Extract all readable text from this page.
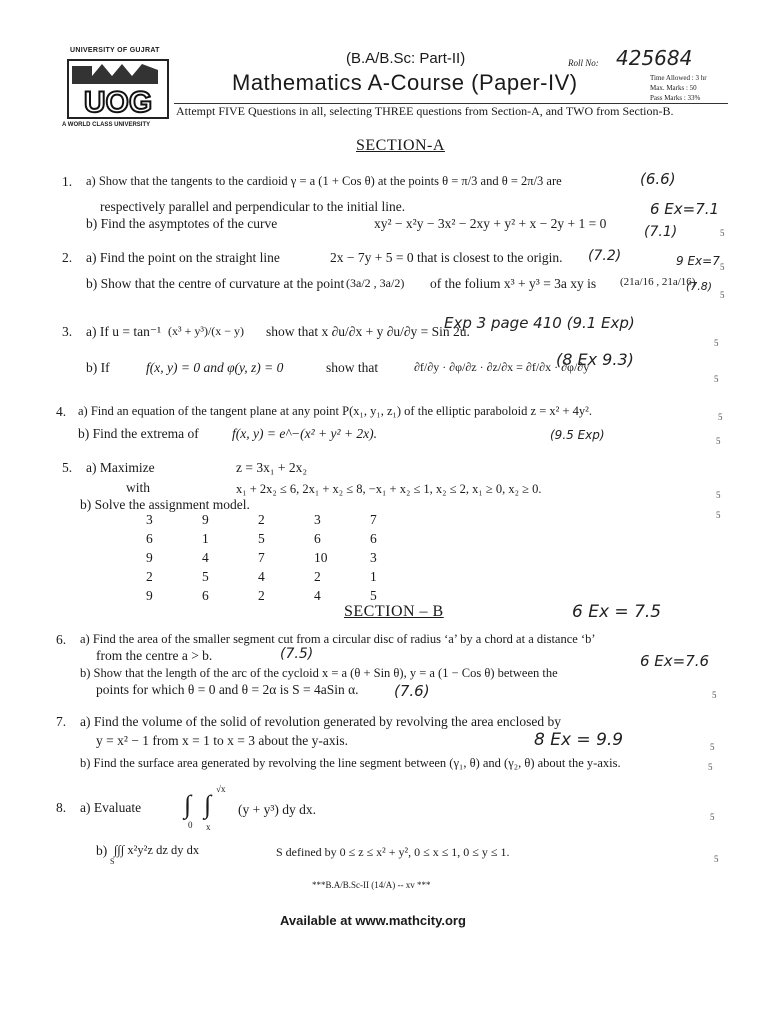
UNIVERSITY OF GUJRAT
UOG
A WORLD CLASS UNIVERSITY
(B.A/B.Sc: Part-II)
Mathematics A-Course (Paper-IV)
Roll No: 425684
Time Allowed : 3 hr
Max. Marks : 50
Pass Marks : 33%
Attempt FIVE Questions in all, selecting THREE questions from Section-A, and TWO from Section-B.
SECTION-A
1. a) Show that the tangents to the cardioid γ = a (1 + Cos θ) at the points θ = π/3 and θ = 2π/3 are	(6.6)
respectively parallel and perpendicular to the initial line.
b) Find the asymptotes of the curve	xy² − x²y − 3x² − 2xy + y² + x − 2y + 1 = 0
6 Ex=7.1
(7.1)
2. a) Find the point on the straight line	2x − 7y + 5 = 0 that is closest to the origin. (7.2)	9 Ex=7
b) Show that the centre of curvature at the point (3a/2 , 3a/2) of the folium x³ + y³ = 3a xy is (21a/16 , 21a/16)
(7.8)
3. a) If u = tan⁻¹ (x³ + y³)/(x − y) show that x ∂u/∂x + y ∂u/∂y = Sin 2u.
Exp 3 page 410 (9.1 Exp)
b) If	f(x, y) = 0 and φ(y, z) = 0	show that	∂f/∂y · ∂φ/∂z · ∂z/∂x = ∂f/∂x · ∂φ/∂y
(8 Ex 9.3)
4. a) Find an equation of the tangent plane at any point P(x₁, y₁, z₁) of the elliptic paraboloid z = x² + 4y².
b) Find the extrema of f(x, y) = e^−(x² + y² + 2x).	(9.5 Exp)
5. a) Maximize	z = 3x₁ + 2x₂
with	x₁ + 2x₂ ≤ 6, 2x₁ + x₂ ≤ 8, −x₁ + x₂ ≤ 1, x₂ ≤ 2, x₁ ≥ 0, x₂ ≥ 0.
b) Solve the assignment model.
3	9	2	3	7
6	1	5	6	6
9	4	7	10	3
2	5	4	2	1
9	6	2	4	5
SECTION – B	6 Ex = 7.5
6. a) Find the area of the smaller segment cut from a circular disc of radius ‘a’ by a chord at a distance ‘b’
from the centre a > b.	(7.5)	6 Ex=7.6
b) Show that the length of the arc of the cycloid x = a (θ + Sin θ), y = a (1 − Cos θ) between the
points for which θ = 0 and θ = 2α is S = 4aSin α. (7.6)
7. a) Find the volume of the solid of revolution generated by revolving the area enclosed by
y = x² − 1 from x = 1 to x = 3 about the y-axis.	8 Ex = 9.9
b) Find the surface area generated by revolving the line segment between (γ₁, θ) and (γ₂, θ) about the y-axis.
8. a) Evaluate ∫ ∫
√x
0 x
(y + y³) dy dx.
b) ∫∫∫ x²y²z dz dy dx
S
S defined by 0 ≤ z ≤ x² + y², 0 ≤ x ≤ 1, 0 ≤ y ≤ 1.
***B.A/B.Sc-II (14/A) -- xv ***
Available at www.mathcity.org
5
5
5
5
5
5
5
5
5
5
5
5
5
5
